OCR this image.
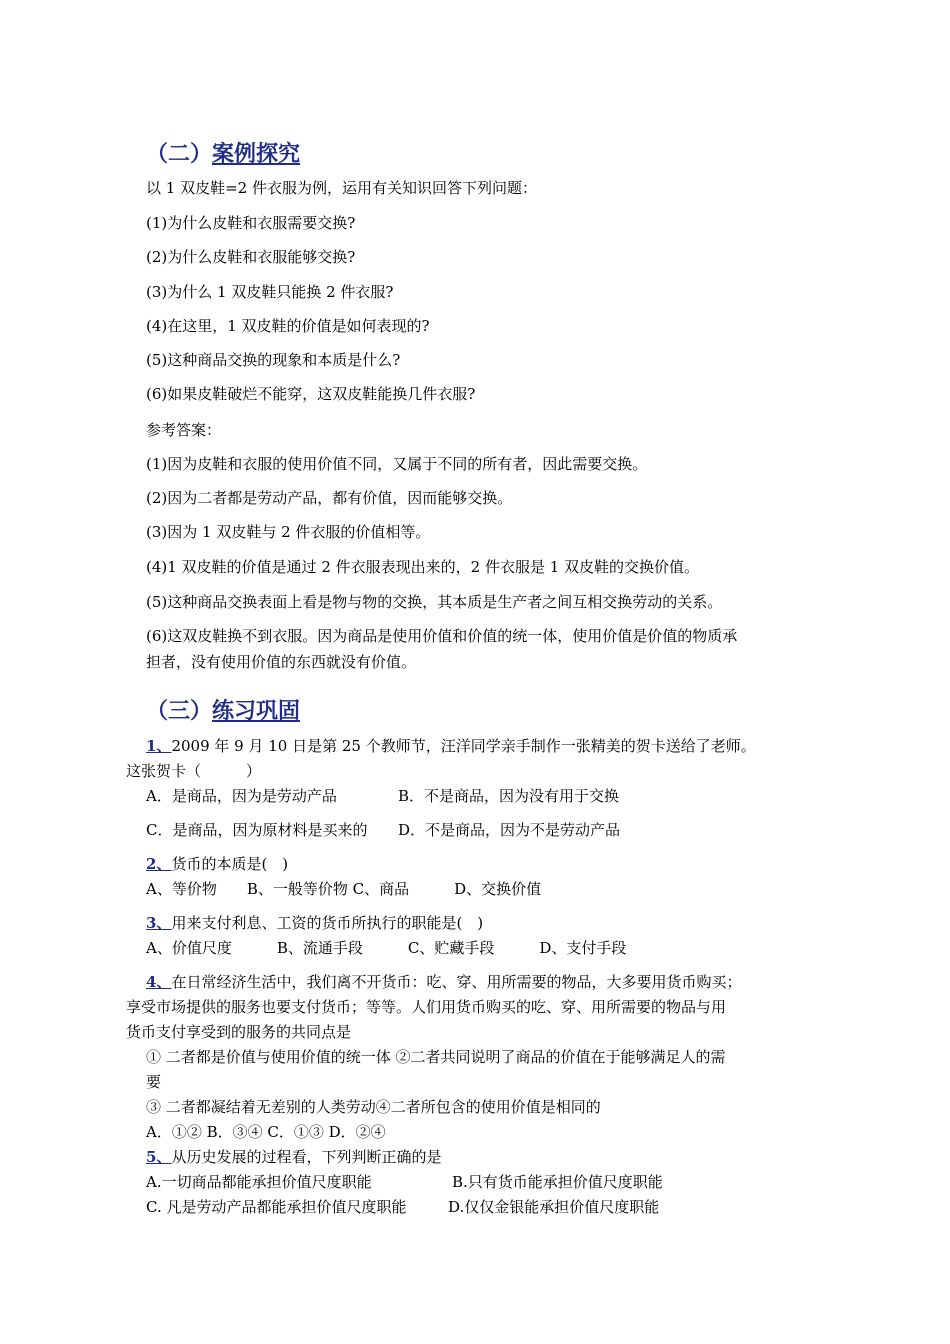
（二）案例探究
以 1 双皮鞋=2 件衣服为例，运用有关知识回答下列问题：
(1)为什么皮鞋和衣服需要交换?
(2)为什么皮鞋和衣服能够交换?
(3)为什么 1 双皮鞋只能换 2 件衣服?
(4)在这里，1 双皮鞋的价值是如何表现的?
(5)这种商品交换的现象和本质是什么?
(6)如果皮鞋破烂不能穿，这双皮鞋能换几件衣服?
参考答案：
(1)因为皮鞋和衣服的使用价值不同，又属于不同的所有者，因此需要交换。
(2)因为二者都是劳动产品，都有价值，因而能够交换。
(3)因为 1 双皮鞋与 2 件衣服的价值相等。
(4)1 双皮鞋的价值是通过 2 件衣服表现出来的，2 件衣服是 1 双皮鞋的交换价值。
(5)这种商品交换表面上看是物与物的交换，其本质是生产者之间互相交换劳动的关系。
(6)这双皮鞋换不到衣服。因为商品是使用价值和价值的统一体，使用价值是价值的物质承
担者，没有使用价值的东西就没有价值。
（三）练习巩固
1、2009 年 9 月 10 日是第 25 个教师节，汪洋同学亲手制作一张精美的贺卡送给了老师。
这张贺卡（　　　）
A．是商品，因为是劳动产品	B．不是商品，因为没有用于交换
C．是商品，因为原材料是买来的 D．不是商品，因为不是劳动产品
2、货币的本质是(　)
A、等价物　　B、一般等价物 C、商品　　　D、交换价值
3、用来支付利息、工资的货币所执行的职能是(　)
A、价值尺度　　　B、流通手段　　　C、贮藏手段　　　D、支付手段
4、在日常经济生活中，我们离不开货币：吃、穿、用所需要的物品，大多要用货币购买；
享受市场提供的服务也要支付货币；等等。人们用货币购买的吃、穿、用所需要的物品与用
货币支付享受到的服务的共同点是
① 二者都是价值与使用价值的统一体 ②二者共同说明了商品的价值在于能够满足人的需
要
③ 二者都凝结着无差别的人类劳动④二者所包含的使用价值是相同的
A．①② B．③④ C．①③ D．②④
5、从历史发展的过程看，下列判断正确的是
A.一切商品都能承担价值尺度职能	B.只有货币能承担价值尺度职能
C. 凡是劳动产品都能承担价值尺度职能	D.仅仅金银能承担价值尺度职能
